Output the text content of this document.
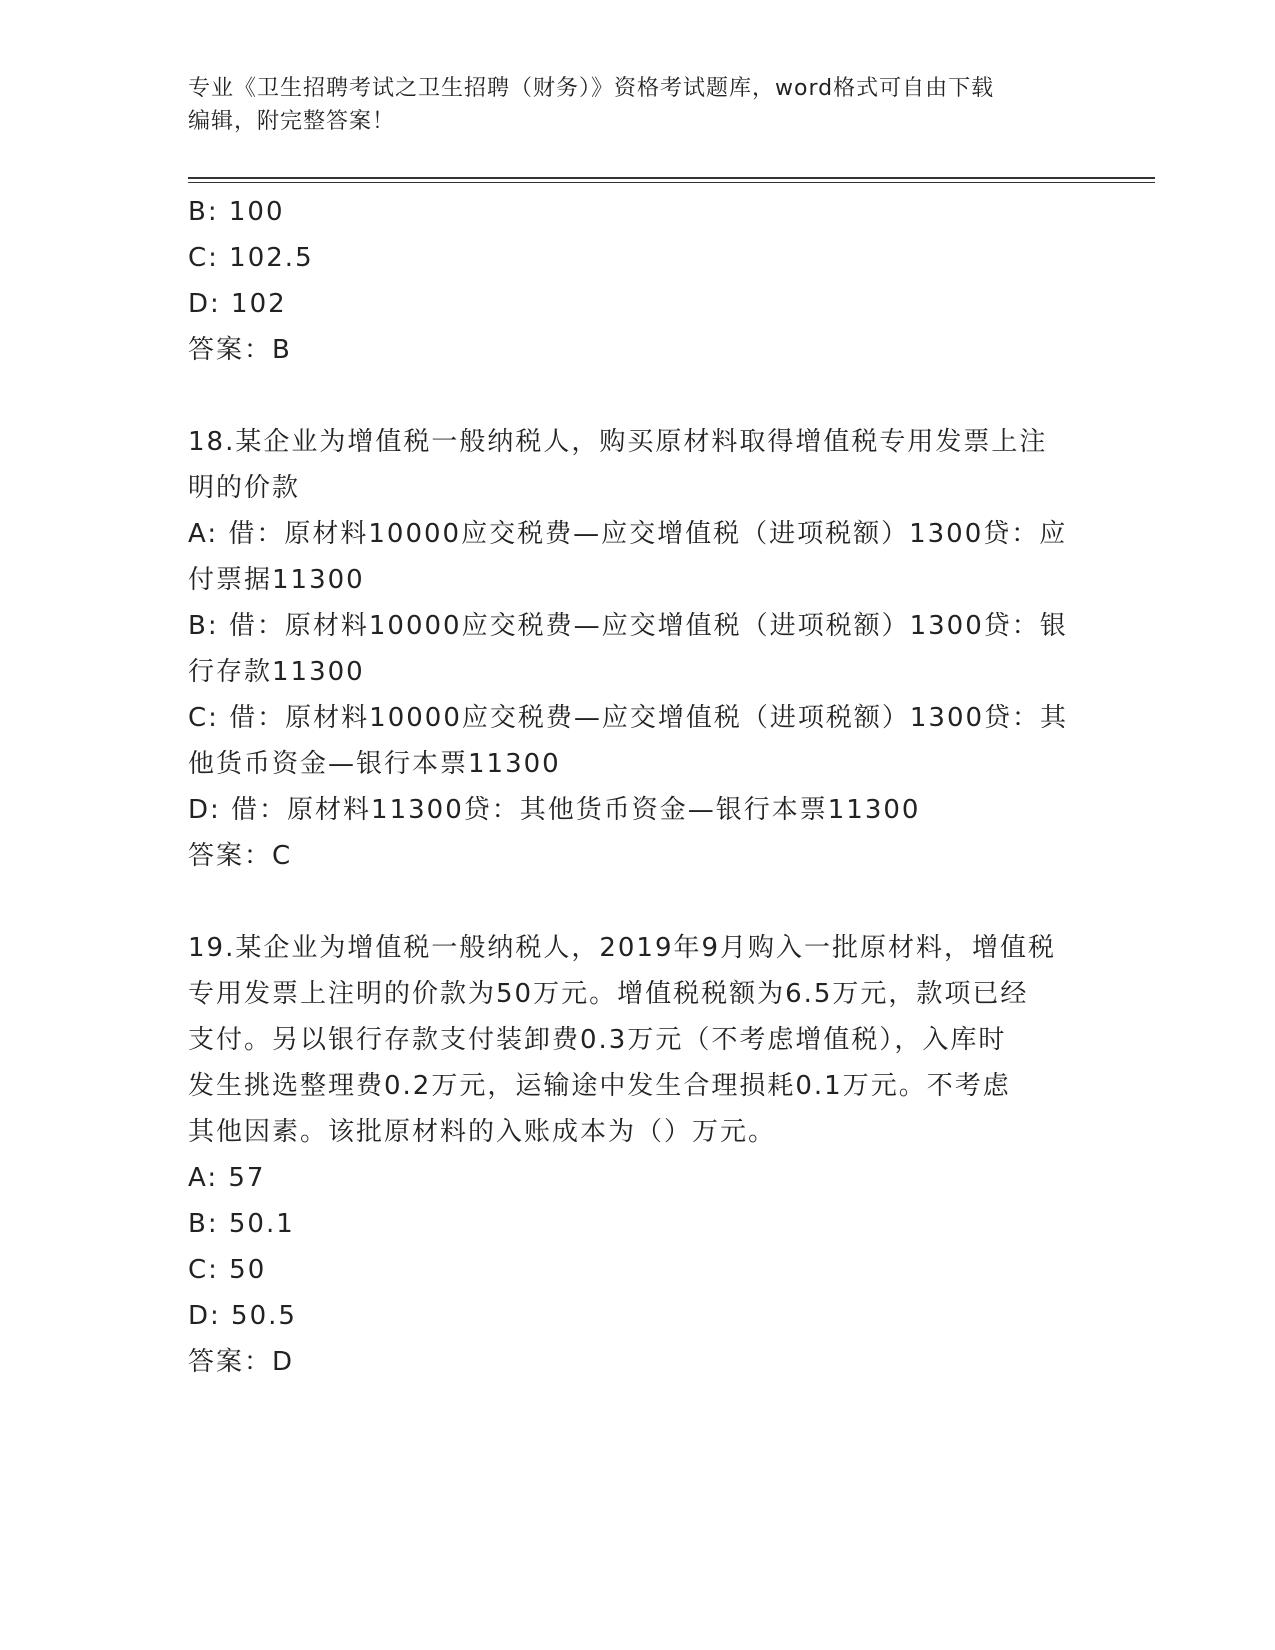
专业《卫生招聘考试之卫生招聘（财务）》资格考试题库，word格式可自由下载
编辑，附完整答案！
B: 100
C: 102.5
D: 102
答案：B
18.某企业为增值税一般纳税人，购买原材料取得增值税专用发票上注
明的价款
A: 借：原材料10000应交税费—应交增值税（进项税额）1300贷：应
付票据11300
B: 借：原材料10000应交税费—应交增值税（进项税额）1300贷：银
行存款11300
C: 借：原材料10000应交税费—应交增值税（进项税额）1300贷：其
他货币资金—银行本票11300
D: 借：原材料11300贷：其他货币资金—银行本票11300
答案：C
19.某企业为增值税一般纳税人，2019年9月购入一批原材料，增值税
专用发票上注明的价款为50万元。增值税税额为6.5万元，款项已经
支付。另以银行存款支付装卸费0.3万元（不考虑增值税），入库时
发生挑选整理费0.2万元，运输途中发生合理损耗0.1万元。不考虑
其他因素。该批原材料的入账成本为（）万元。
A: 57
B: 50.1
C: 50
D: 50.5
答案：D
